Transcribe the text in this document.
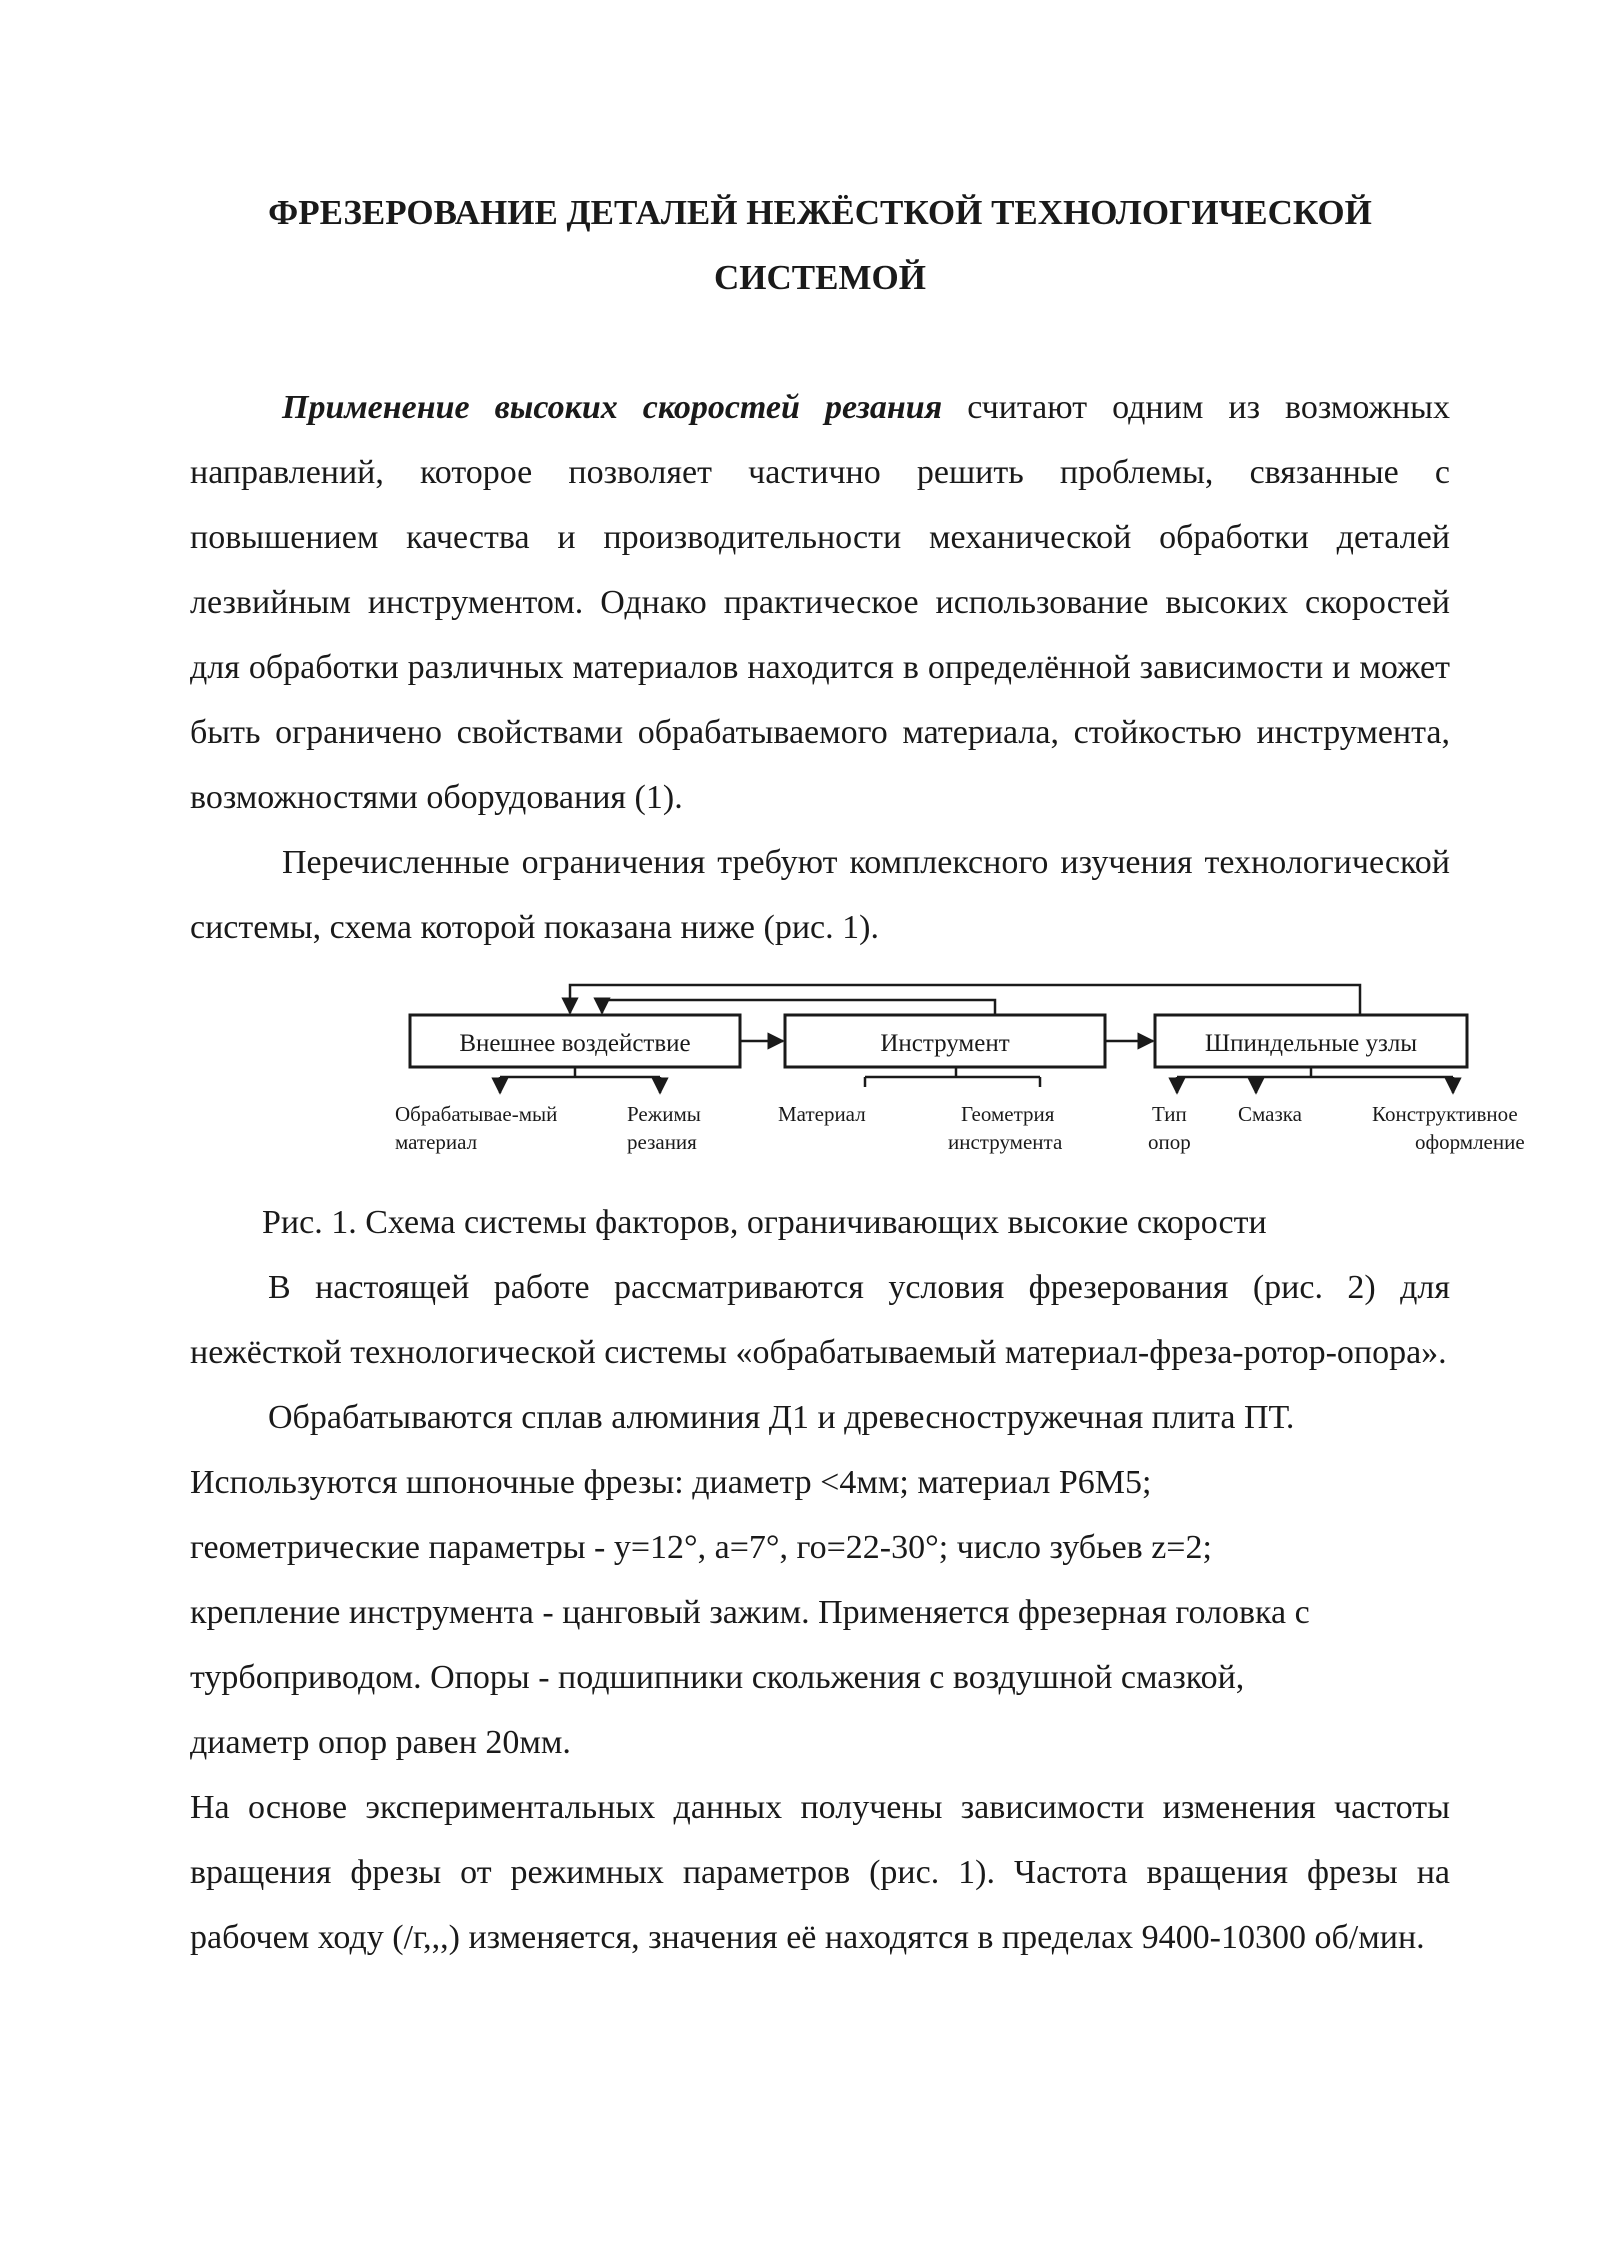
ФРЕЗЕРОВАНИЕ ДЕТАЛЕЙ НЕЖЁСТКОЙ ТЕХНОЛОГИЧЕСКОЙ
СИСТЕМОЙ

Применение высоких скоростей резания считают одним из возможных направлений, которое позволяет частично решить проблемы, связанные с повышением качества и производительности механической обработки деталей лезвийным инструментом. Однако практическое использование высоких скоростей для обработки различных материалов находится в определённой зависимости и может быть ограничено свойствами обрабатываемого материала, стойкостью инструмента, возможностями оборудования (1).

Перечисленные ограничения требуют комплексного изучения технологической системы, схема которой показана ниже (рис. 1).

Внешнее воздействие	Инструмент	Шпиндельные узлы
Обрабатывае-мый
материал
Режимы
резания
Материал	Геометрия
инструмента
Тип
опор
Смазка	Конструктивное
оформление

Рис. 1. Схема системы факторов, ограничивающих высокие скорости

В настоящей работе рассматриваются условия фрезерования (рис. 2) для нежёсткой технологической системы «обрабатываемый материал-фреза-ротор-опора».

Обрабатываются сплав алюминия Д1 и древесностружечная плита ПТ.
Используются шпоночные фрезы: диаметр <4мм; материал Р6М5;
геометрические параметры - y=12°, a=7°, го=22-30°; число зубьев z=2;
крепление инструмента - цанговый зажим. Применяется фрезерная головка с
турбоприводом. Опоры - подшипники скольжения с воздушной смазкой,
диаметр опор равен 20мм.

На основе экспериментальных данных получены зависимости изменения частоты вращения фрезы от режимных параметров (рис. 1). Частота вращения фрезы на рабочем ходу (/г,,,) изменяется, значения её находятся в пределах 9400-10300 об/мин.
